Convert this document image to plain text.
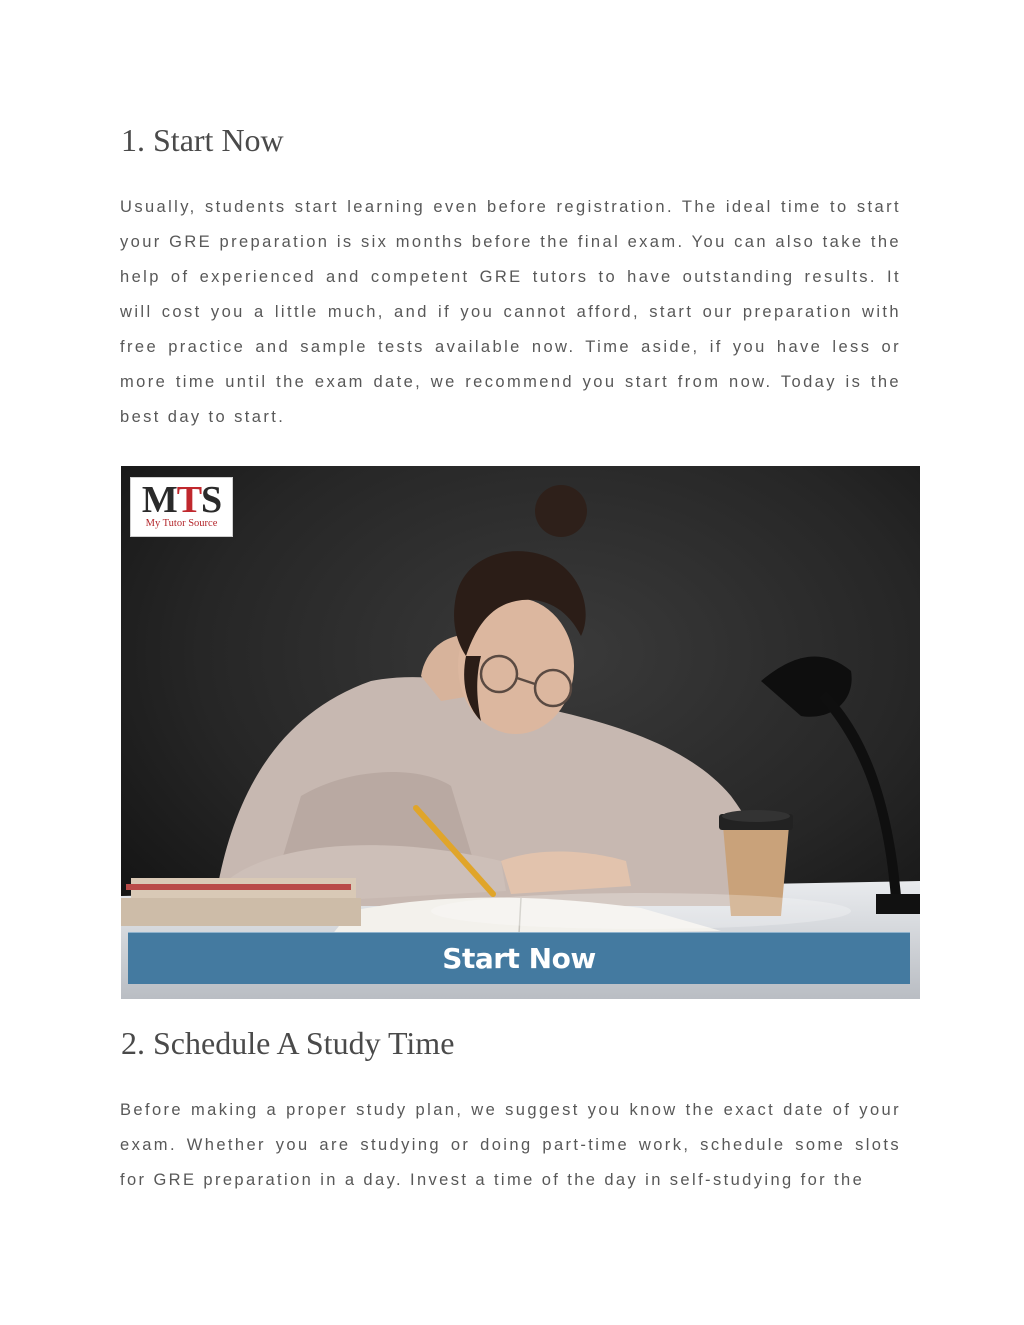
1. Start Now

Usually, students start learning even before registration. The ideal time to start your GRE preparation is six months before the final exam. You can also take the help of experienced and competent GRE tutors to have outstanding results. It will cost you a little much, and if you cannot afford, start our preparation with free practice and sample tests available now. Time aside, if you have less or more time until the exam date, we recommend you start from now. Today is the best day to start.

MTS
My Tutor Source
Start Now
2. Schedule A Study Time

Before making a proper study plan, we suggest you know the exact date of your exam. Whether you are studying or doing part-time work, schedule some slots for GRE preparation in a day. Invest a time of the day in self-studying for the
